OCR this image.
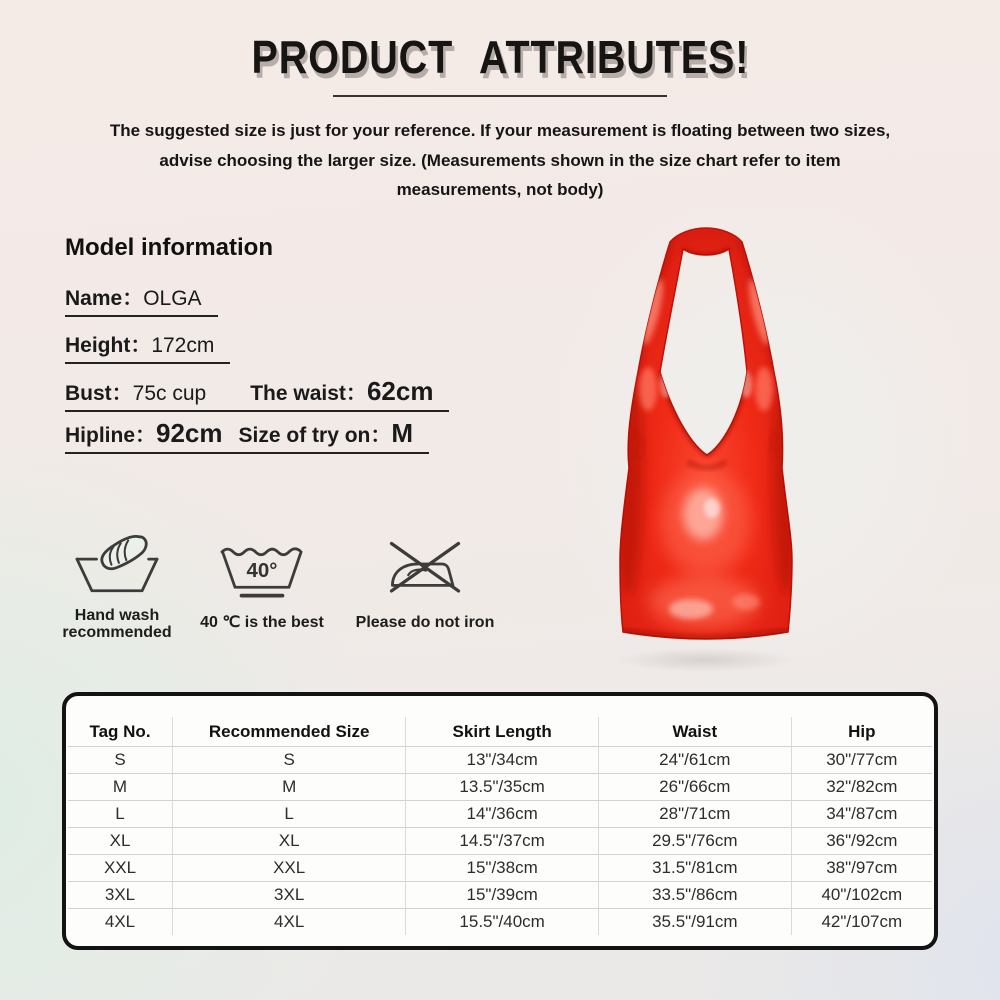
PRODUCT ATTRIBUTES!
The suggested size is just for your reference. If your measurement is floating between two sizes,
advise choosing the larger size. (Measurements shown in the size chart refer to item
measurements, not body)
Model information
Name：OLGA
Height：172cm
Bust：75c cup The waist：62cm
Hipline：92cm Size of try on：M
Hand wash
recommended
40°
40 ℃ is the best	Please do not iron
Tag No.	Recommended Size	Skirt Length	Waist	Hip
S	S	13"/34cm	24"/61cm	30"/77cm
M	M	13.5"/35cm	26"/66cm	32"/82cm
L	L	14"/36cm	28"/71cm	34"/87cm
XL	XL	14.5"/37cm	29.5"/76cm	36"/92cm
XXL	XXL	15"/38cm	31.5"/81cm	38"/97cm
3XL	3XL	15"/39cm	33.5"/86cm	40"/102cm
4XL	4XL	15.5"/40cm	35.5"/91cm	42"/107cm
